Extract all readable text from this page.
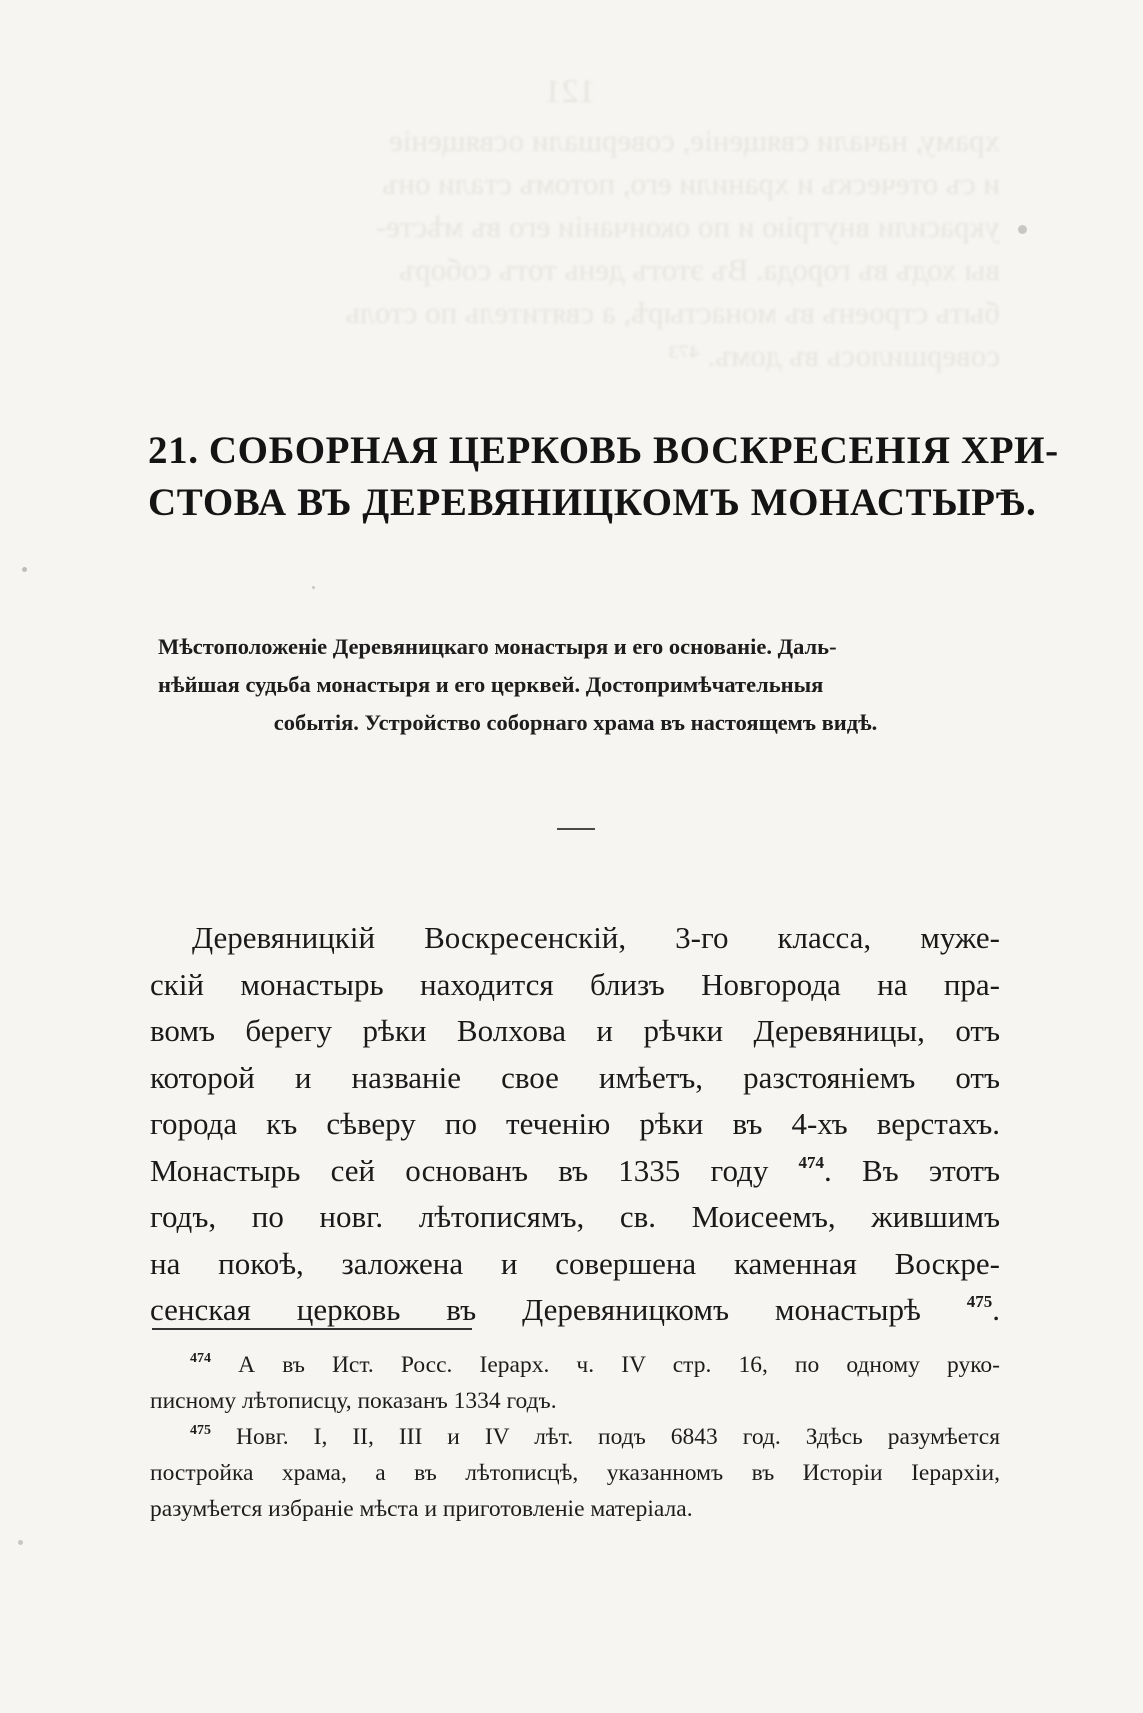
121
храму, начали священіе, совершали освященіе
и съ отеческъ и хранили его, потомъ стали онъ
украсили внутрію и по окончаніи его въ мѣсте-
вы ходъ въ города. Въ этотъ день тотъ соборъ
быть строенъ въ монастырѣ, а святитель по столь
совершилось въ домъ. ⁴⁷³
21. СОБОРНАЯ ЦЕРКОВЬ ВОСКРЕСЕНІЯ ХРИ-
СТОВА ВЪ ДЕРЕВЯНИЦКОМЪ МОНАСТЫРѢ.
Мѣстоположеніе Деревяницкаго монастыря и его основаніе. Даль-
нѣйшая судьба монастыря и его церквей. Достопримѣчательныя
событія. Устройство соборнаго храма въ настоящемъ видѣ.
Деревяницкій Воскресенскій, 3-го класса, муже-
скій монастырь находится близъ Новгорода на пра-
вомъ берегу рѣки Волхова и рѣчки Деревяницы, отъ
которой и названіе свое имѣетъ, разстояніемъ отъ
города къ сѣверу по теченію рѣки въ 4-хъ верстахъ.
Монастырь сей основанъ въ 1335 году $^{474}$. Въ этотъ
годъ, по новг. лѣтописямъ, св. Моисеемъ, жившимъ
на покоѣ, заложена и совершена каменная Воскре-
сенская церковь въ Деревяницкомъ монастырѣ	$^{475}$.
$^{474}$ А въ Ист. Росс. Іерарх. ч. IV стр. 16, по одному руко-
писному лѣтописцу, показанъ 1334 годъ.
$^{475}$ Новг. I, II, III и IV лѣт. подъ 6843 год. Здѣсь разумѣется
постройка храма, а въ лѣтописцѣ, указанномъ въ Исторіи Іерархіи,
разумѣется избраніе мѣста и приготовленіе матеріала.
